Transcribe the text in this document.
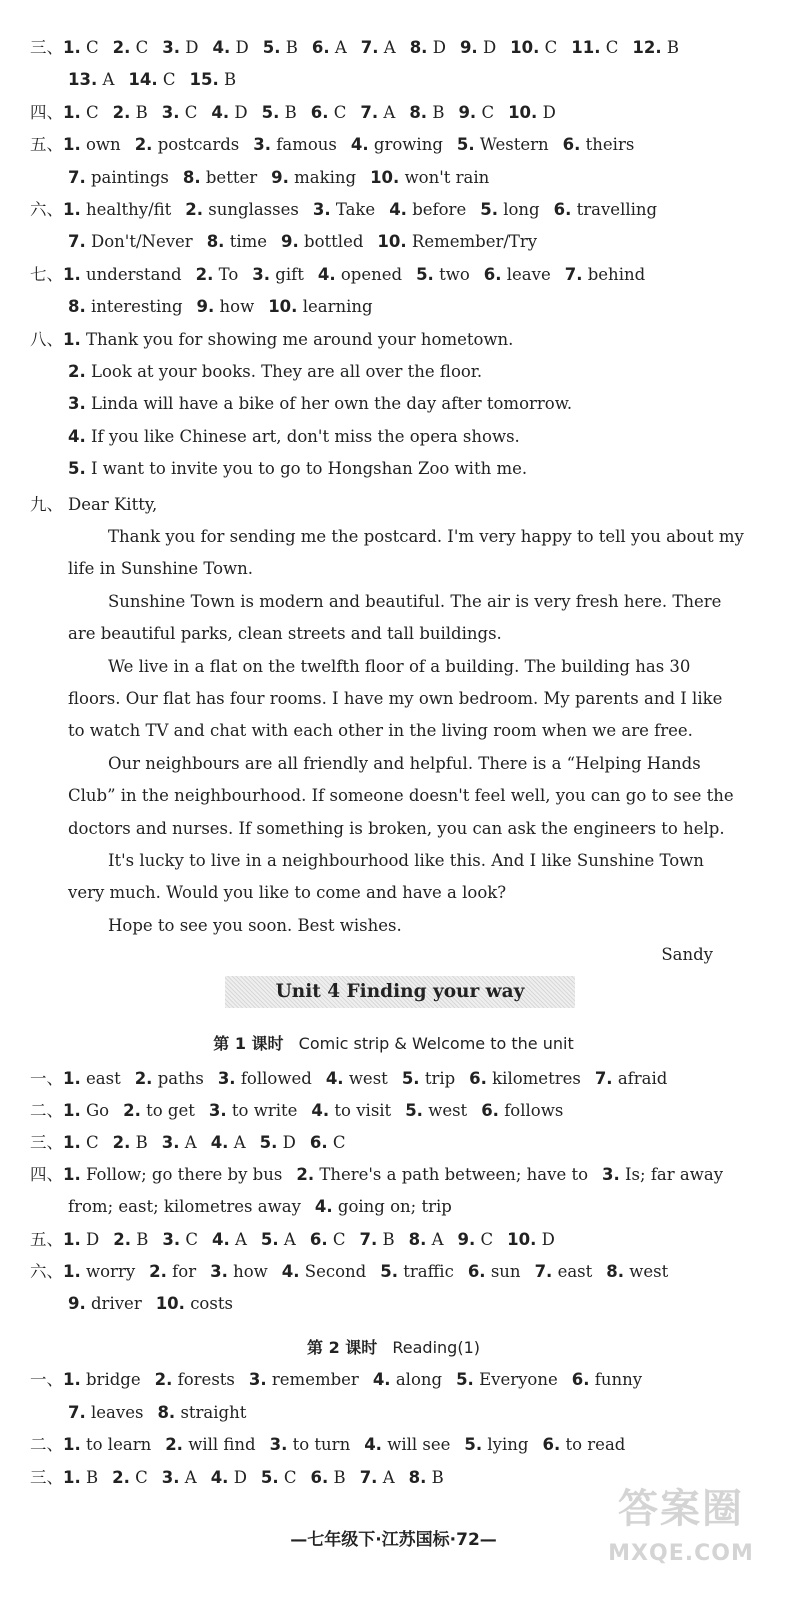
三、1. C 2. C 3. D 4. D 5. B 6. A 7. A 8. D 9. D 10. C 11. C 12. B
13. A 14. C 15. B
四、1. C 2. B 3. C 4. D 5. B 6. C 7. A 8. B 9. C 10. D
五、1. own 2. postcards 3. famous 4. growing 5. Western 6. theirs
7. paintings 8. better 9. making 10. won't rain
六、1. healthy/fit 2. sunglasses 3. Take 4. before 5. long 6. travelling
7. Don't/Never 8. time 9. bottled 10. Remember/Try
七、1. understand 2. To 3. gift 4. opened 5. two 6. leave 7. behind
8. interesting 9. how 10. learning
八、1. Thank you for showing me around your hometown.
2. Look at your books. They are all over the floor.
3. Linda will have a bike of her own the day after tomorrow.
4. If you like Chinese art, don't miss the opera shows.
5. I want to invite you to go to Hongshan Zoo with me.
九、 Dear Kitty,
Thank you for sending me the postcard. I'm very happy to tell you about my
life in Sunshine Town.
Sunshine Town is modern and beautiful. The air is very fresh here. There
are beautiful parks, clean streets and tall buildings.
We live in a flat on the twelfth floor of a building. The building has 30
floors. Our flat has four rooms. I have my own bedroom. My parents and I like
to watch TV and chat with each other in the living room when we are free.
Our neighbours are all friendly and helpful. There is a “Helping Hands
Club” in the neighbourhood. If someone doesn't feel well, you can go to see the
doctors and nurses. If something is broken, you can ask the engineers to help.
It's lucky to live in a neighbourhood like this. And I like Sunshine Town
very much. Would you like to come and have a look?
Hope to see you soon. Best wishes.
Sandy
Unit 4 Finding your way
第 1 课时 Comic strip & Welcome to the unit
一、1. east 2. paths 3. followed 4. west 5. trip 6. kilometres 7. afraid
二、1. Go 2. to get 3. to write 4. to visit 5. west 6. follows
三、1. C 2. B 3. A 4. A 5. D 6. C
四、1. Follow; go there by bus 2. There's a path between; have to 3. Is; far away
from; east; kilometres away 4. going on; trip
五、1. D 2. B 3. C 4. A 5. A 6. C 7. B 8. A 9. C 10. D
六、1. worry 2. for 3. how 4. Second 5. traffic 6. sun 7. east 8. west
9. driver 10. costs
第 2 课时 Reading(1)
一、1. bridge 2. forests 3. remember 4. along 5. Everyone 6. funny
7. leaves 8. straight
二、1. to learn 2. will find 3. to turn 4. will see 5. lying 6. to read
三、1. B 2. C 3. A 4. D 5. C 6. B 7. A 8. B
—七年级下·江苏国标·72—
答案圈
MXQE.COM
